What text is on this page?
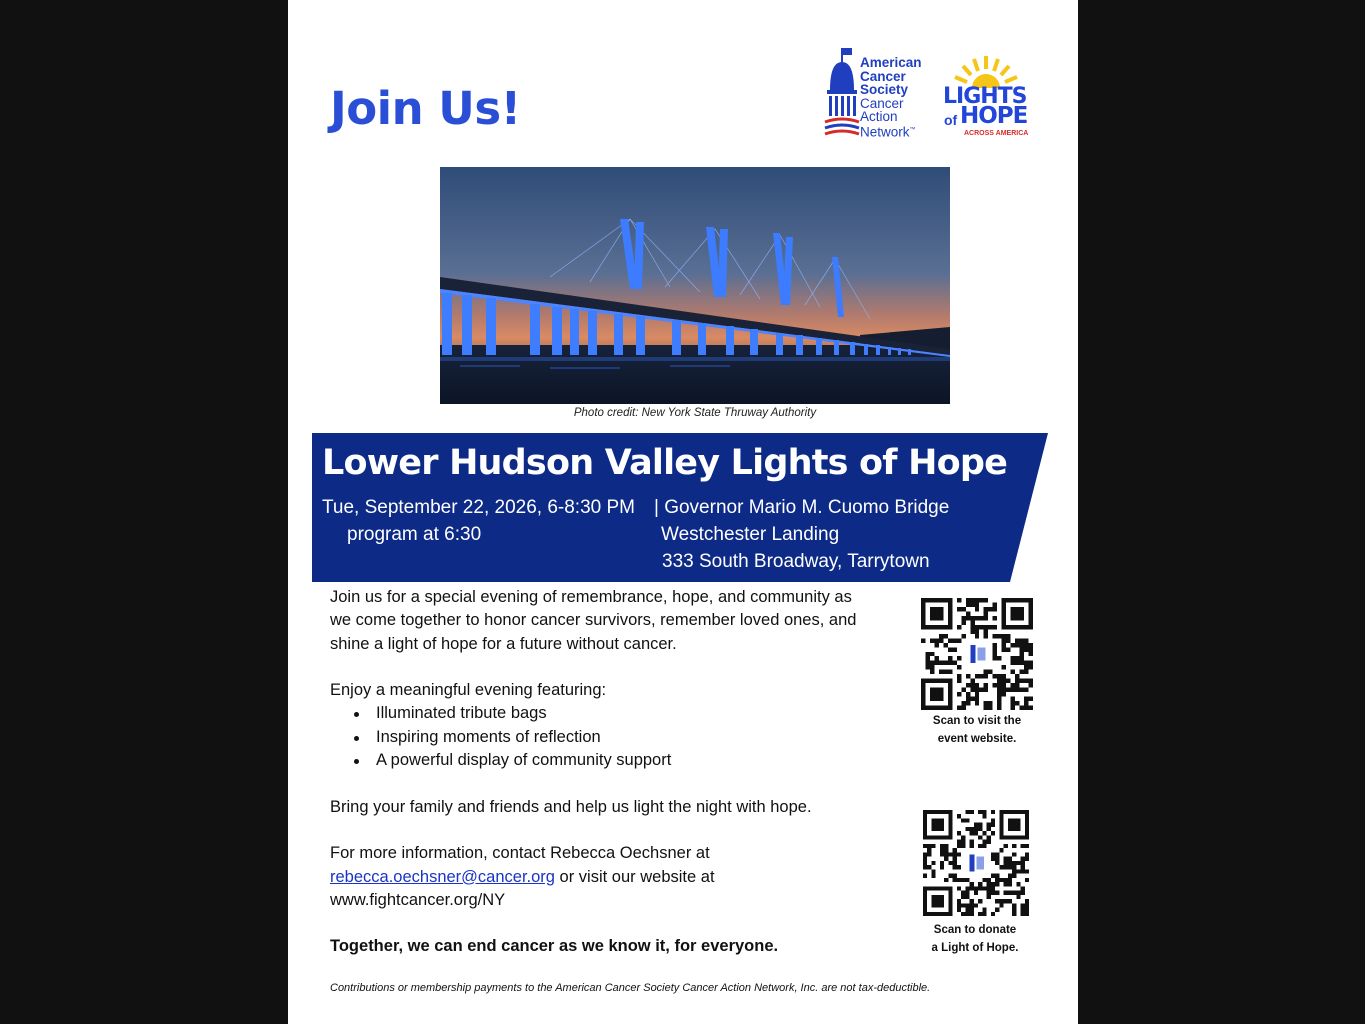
Join Us!
American
Cancer
Society
Cancer
Action
Network™
LIGHTS
of HOPE
ACROSS AMERICA
Photo credit: New York State Thruway Authority
Lower Hudson Valley Lights of Hope
Tue, September 22, 2026, 6-8:30 PM
program at 6:30
| Governor Mario M. Cuomo Bridge
Westchester Landing
333 South Broadway, Tarrytown

Join us for a special evening of remembrance, hope, and community as

we come together to honor cancer survivors, remember loved ones, and

shine a light of hope for a future without cancer.

Enjoy a meaningful evening featuring:

Illuminated tribute bags
Inspiring moments of reflection
A powerful display of community support

Bring your family and friends and help us light the night with hope.

For more information, contact Rebecca Oechsner at

rebecca.oechsner@cancer.org or visit our website at

www.fightcancer.org/NY

Together, we can end cancer as we know it, for everyone.

Scan to visit the
event website.
Scan to donate
a Light of Hope.
Contributions or membership payments to the American Cancer Society Cancer Action Network, Inc. are not tax-deductible.
